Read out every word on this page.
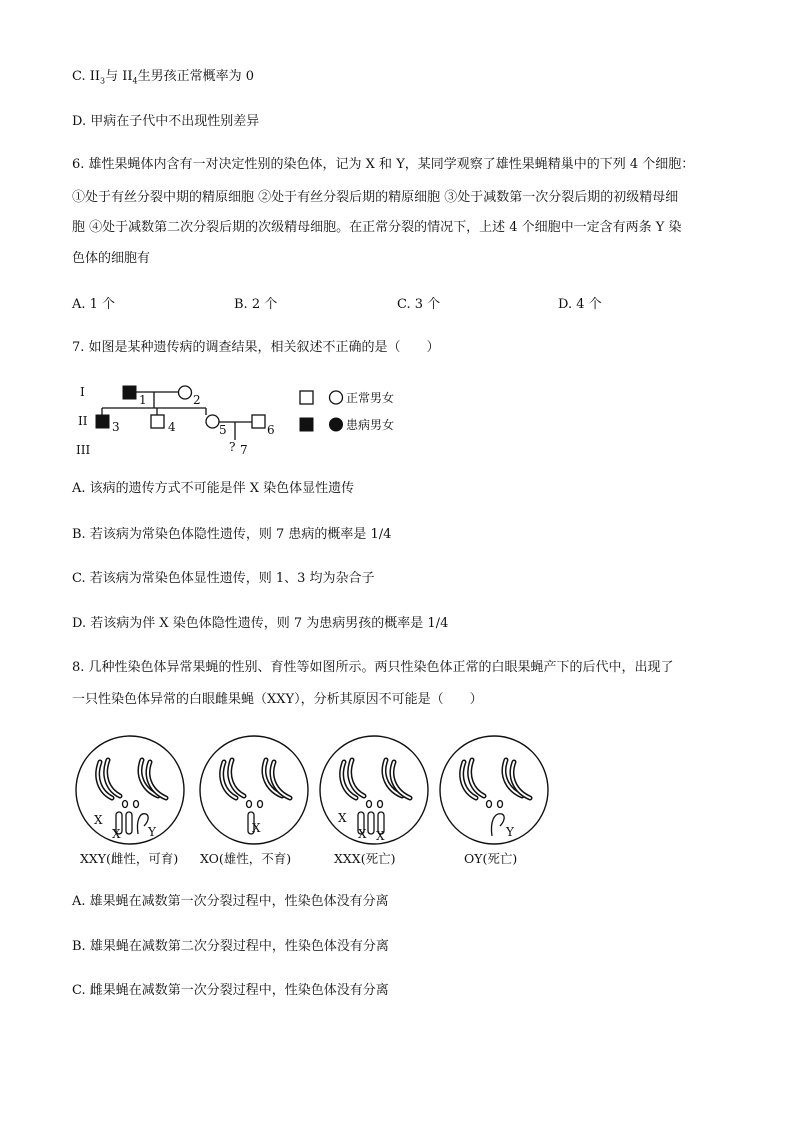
C. $II_3$与 $II_4$生男孩正常概率为 0
D. 甲病在子代中不出现性别差异
6. 雄性果蝇体内含有一对决定性别的染色体，记为 X 和 Y，某同学观察了雄性果蝇精巢中的下列 4 个细胞：
①处于有丝分裂中期的精原细胞 ②处于有丝分裂后期的精原细胞 ③处于减数第一次分裂后期的初级精母细
胞 ④处于减数第二次分裂后期的次级精母细胞。在正常分裂的情况下，上述 4 个细胞中一定含有两条 Y 染
色体的细胞有
A. 1 个	B. 2 个	C. 3 个	D. 4 个
7. 如图是某种遗传病的调查结果，相关叙述不正确的是（　　）
I
II
III
1	2
3	4	5	6
? 7
正常男女
患病男女
A. 该病的遗传方式不可能是伴 X 染色体显性遗传
B. 若该病为常染色体隐性遗传，则 7 患病的概率是 1/4
C. 若该病为常染色体显性遗传，则 1、3 均为杂合子
D. 若该病为伴 X 染色体隐性遗传，则 7 为患病男孩的概率是 1/4
8. 几种性染色体异常果蝇的性别、育性等如图所示。两只性染色体正常的白眼果蝇产下的后代中，出现了
一只性染色体异常的白眼雌果蝇（XXY），分析其原因不可能是（　　）
X
X Y	X
X
X X	Y
XXY(雌性，可育) XO(雄性，不育)	XXX(死亡)	OY(死亡)
A. 雄果蝇在减数第一次分裂过程中，性染色体没有分离
B. 雄果蝇在减数第二次分裂过程中，性染色体没有分离
C. 雌果蝇在减数第一次分裂过程中，性染色体没有分离
